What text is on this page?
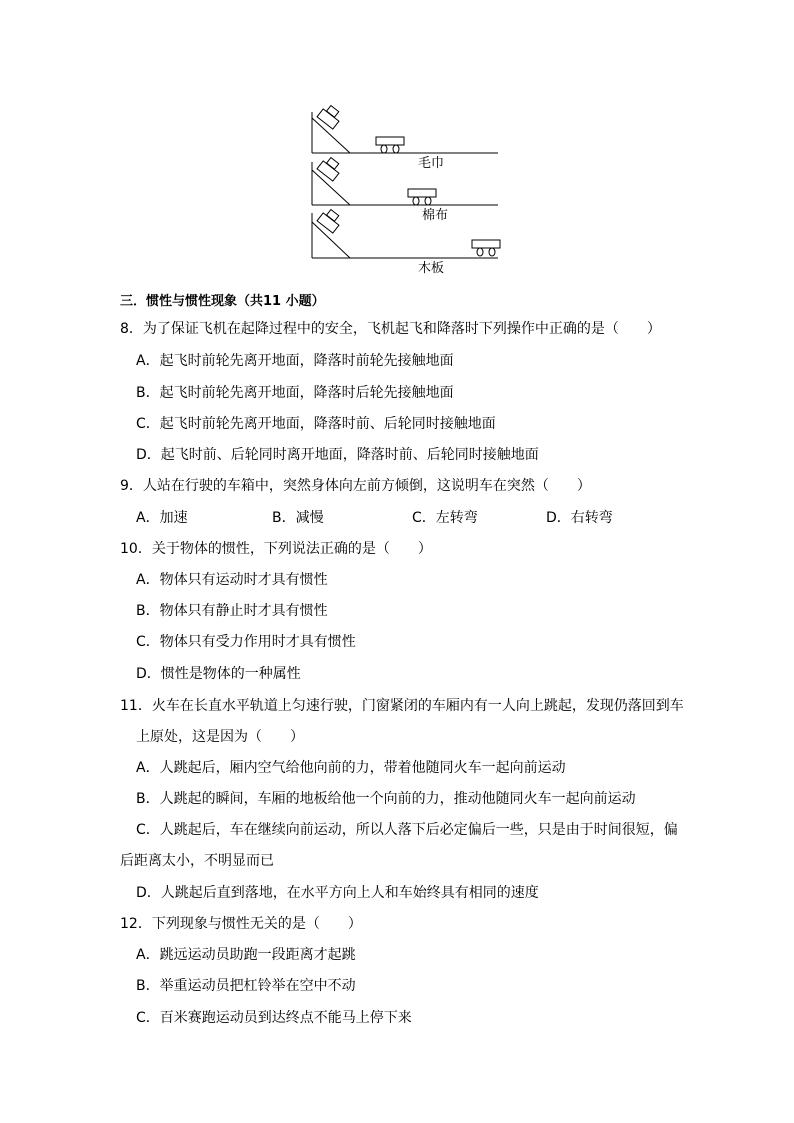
毛巾
棉布
木板
三．惯性与惯性现象（共11 小题）
8．为了保证飞机在起降过程中的安全，飞机起飞和降落时下列操作中正确的是（　　）
A．起飞时前轮先离开地面，降落时前轮先接触地面
B．起飞时前轮先离开地面，降落时后轮先接触地面
C．起飞时前轮先离开地面，降落时前、后轮同时接触地面
D．起飞时前、后轮同时离开地面，降落时前、后轮同时接触地面
9．人站在行驶的车箱中，突然身体向左前方倾倒，这说明车在突然（　　）
A．加速	B．减慢	C．左转弯	D．右转弯
10．关于物体的惯性，下列说法正确的是（　　）
A．物体只有运动时才具有惯性
B．物体只有静止时才具有惯性
C．物体只有受力作用时才具有惯性
D．惯性是物体的一种属性
11．火车在长直水平轨道上匀速行驶，门窗紧闭的车厢内有一人向上跳起，发现仍落回到车
上原处，这是因为（　　）
A．人跳起后，厢内空气给他向前的力，带着他随同火车一起向前运动
B．人跳起的瞬间，车厢的地板给他一个向前的力，推动他随同火车一起向前运动
C．人跳起后，车在继续向前运动，所以人落下后必定偏后一些，只是由于时间很短，偏
后距离太小，不明显而已
D．人跳起后直到落地，在水平方向上人和车始终具有相同的速度
12．下列现象与惯性无关的是（　　）
A．跳远运动员助跑一段距离才起跳
B．举重运动员把杠铃举在空中不动
C．百米赛跑运动员到达终点不能马上停下来
